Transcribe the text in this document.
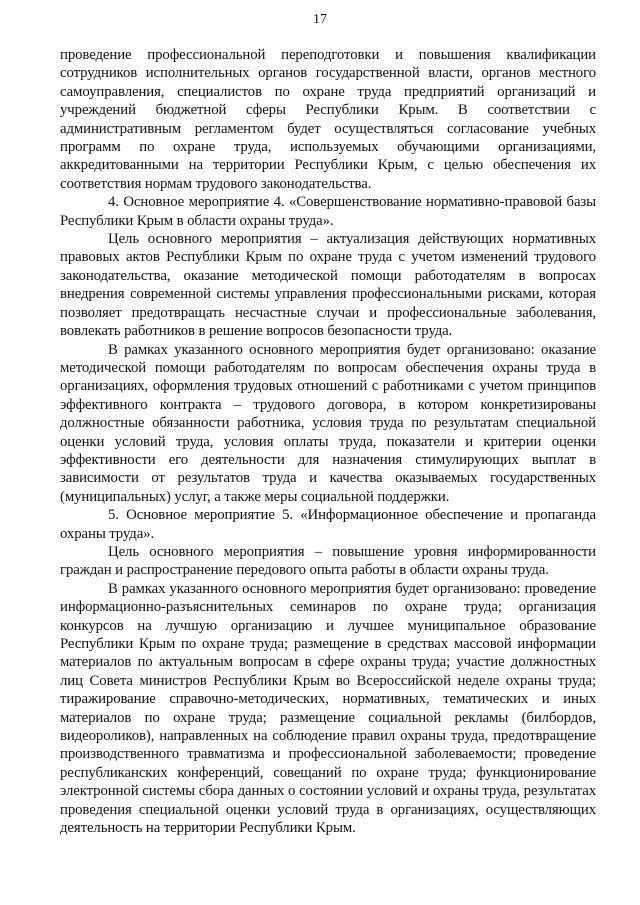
17

проведение профессиональной переподготовки и повышения квалификации сотрудников исполнительных органов государственной власти, органов местного самоуправления, специалистов по охране труда предприятий организаций и учреждений бюджетной сферы Республики Крым. В соответствии с административным регламентом будет осуществляться согласование учебных программ по охране труда, используемых обучающими организациями, аккредитованными на территории Республики Крым, с целью обеспечения их соответствия нормам трудового законодательства.

4. Основное мероприятие 4. «Совершенствование нормативно-правовой базы Республики Крым в области охраны труда».

Цель основного мероприятия – актуализация действующих нормативных правовых актов Республики Крым по охране труда с учетом изменений трудового законодательства, оказание методической помощи работодателям в вопросах внедрения современной системы управления профессиональными рисками, которая позволяет предотвращать несчастные случаи и профессиональные заболевания, вовлекать работников в решение вопросов безопасности труда.

В рамках указанного основного мероприятия будет организовано: оказание методической помощи работодателям по вопросам обеспечения охраны труда в организациях, оформления трудовых отношений с работниками с учетом принципов эффективного контракта – трудового договора, в котором конкретизированы должностные обязанности работника, условия труда по результатам специальной оценки условий труда, условия оплаты труда, показатели и критерии оценки эффективности его деятельности для назначения стимулирующих выплат в зависимости от результатов труда и качества оказываемых государственных (муниципальных) услуг, а также меры социальной поддержки.

5. Основное мероприятие 5. «Информационное обеспечение и пропаганда охраны труда».

Цель основного мероприятия – повышение уровня информированности граждан и распространение передового опыта работы в области охраны труда.

В рамках указанного основного мероприятия будет организовано: проведение информационно-разъяснительных семинаров по охране труда; организация конкурсов на лучшую организацию и лучшее муниципальное образование Республики Крым по охране труда; размещение в средствах массовой информации материалов по актуальным вопросам в сфере охраны труда; участие должностных лиц Совета министров Республики Крым во Всероссийской неделе охраны труда; тиражирование справочно-методических, нормативных, тематических и иных материалов по охране труда; размещение социальной рекламы (билбордов, видеороликов), направленных на соблюдение правил охраны труда, предотвращение производственного травматизма и профессиональной заболеваемости; проведение республиканских конференций, совещаний по охране труда; функционирование электронной системы сбора данных о состоянии условий и охраны труда, результатах проведения специальной оценки условий труда в организациях, осуществляющих деятельность на территории Республики Крым.
